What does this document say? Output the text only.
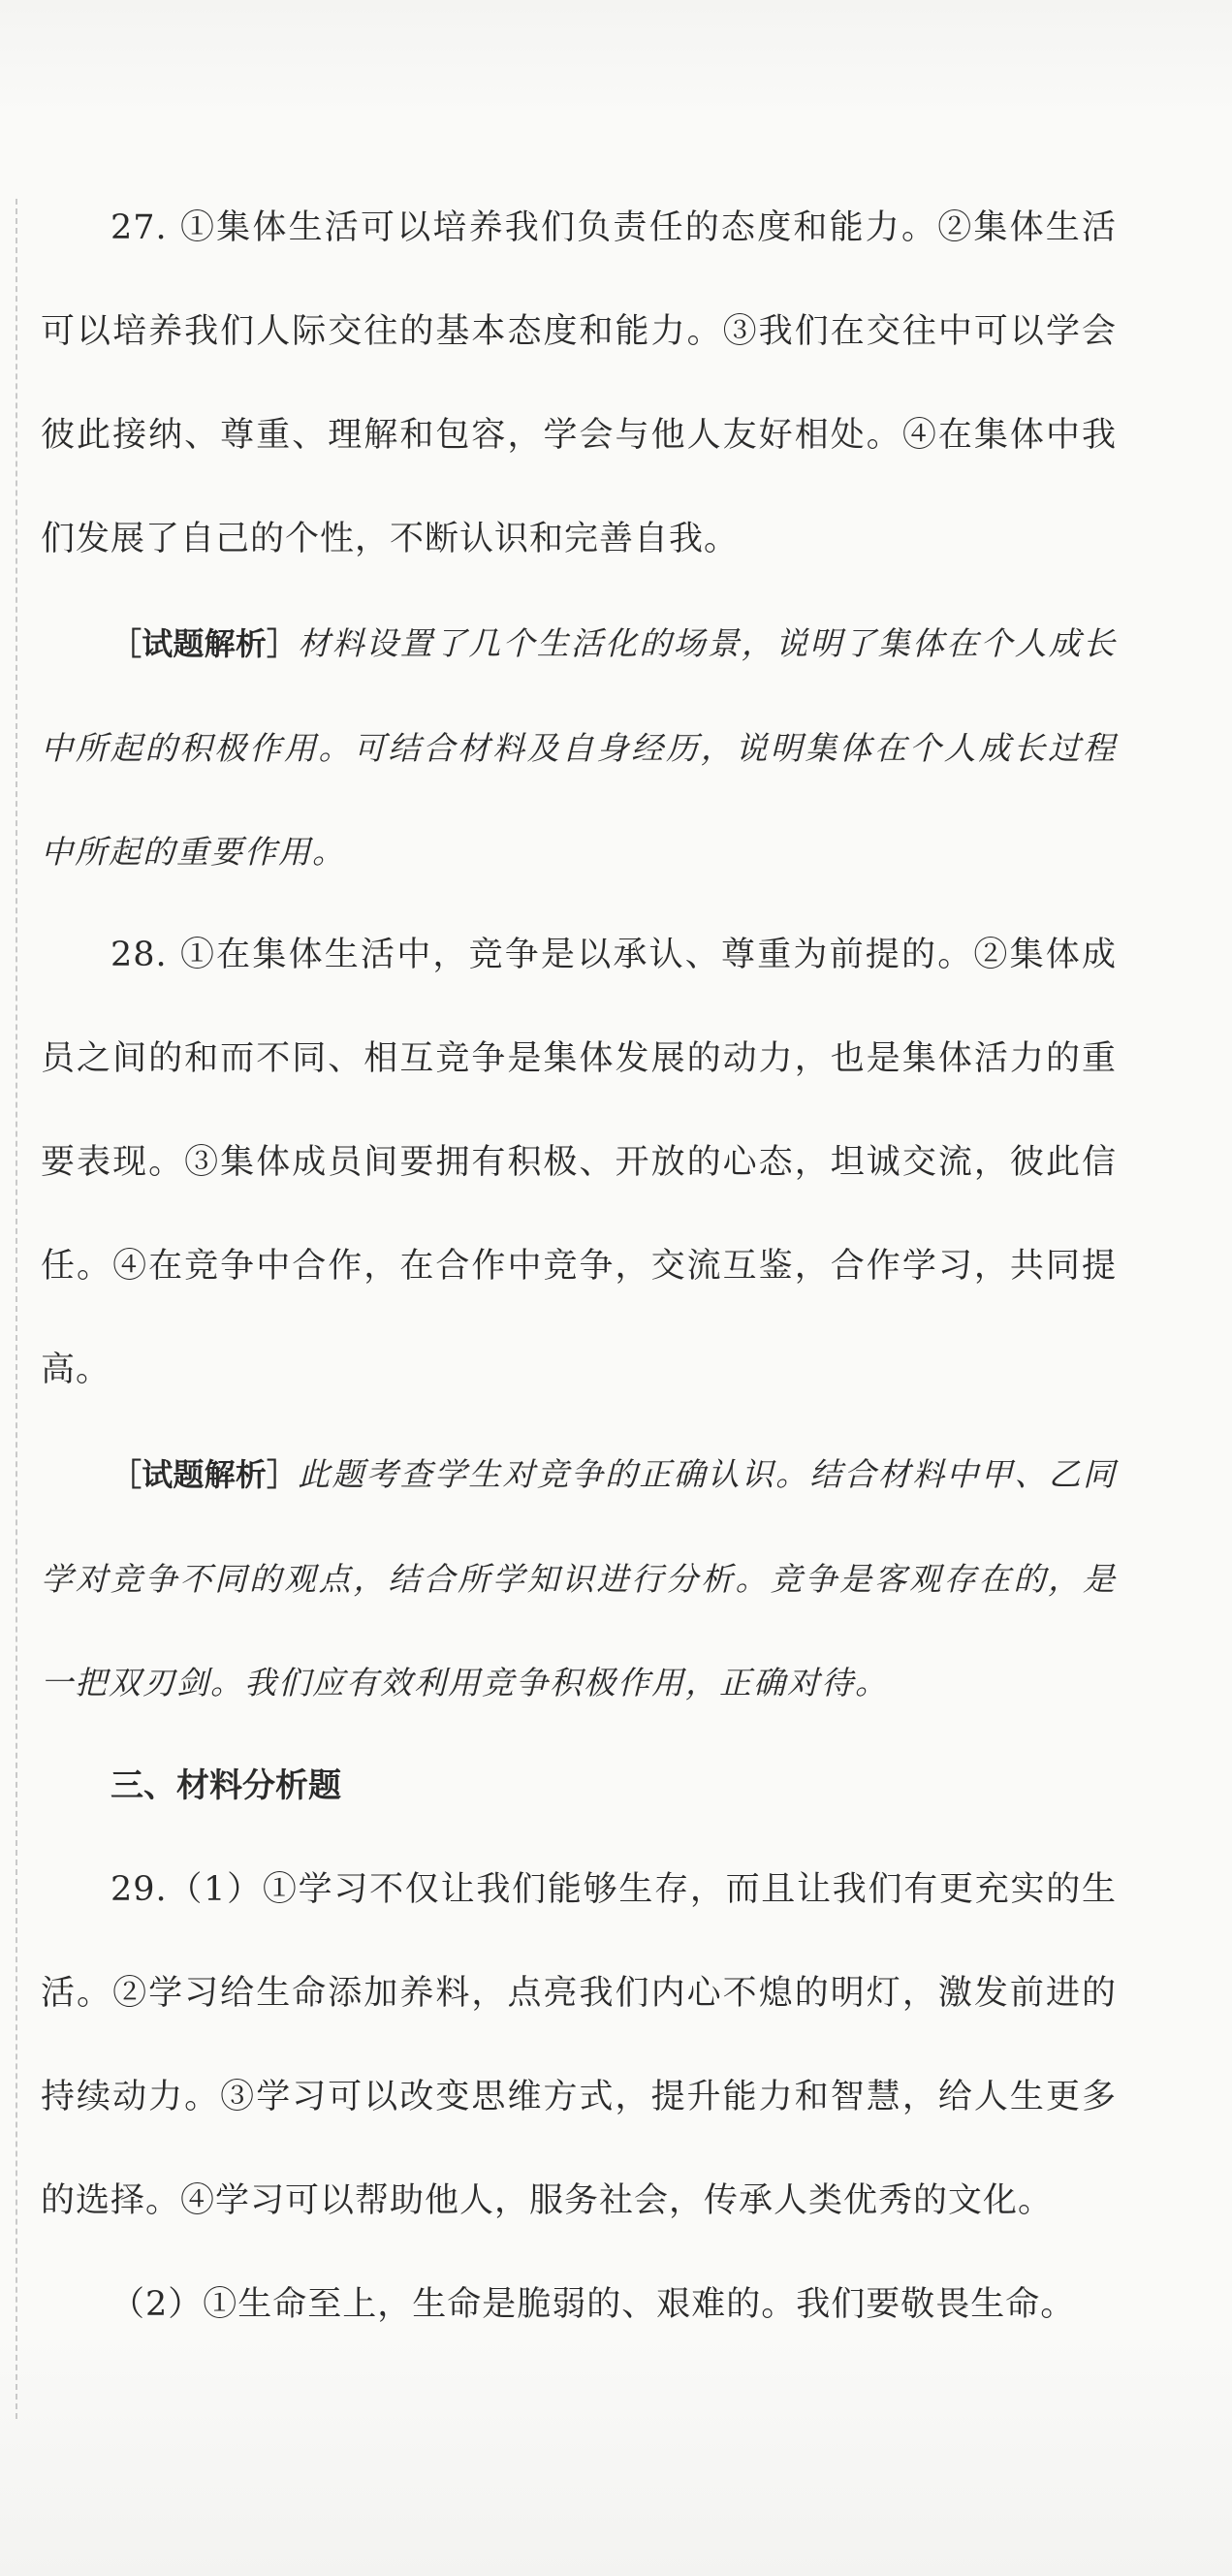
27. ①集体生活可以培养我们负责任的态度和能力。②集体生活可以培养我们人际交往的基本态度和能力。③我们在交往中可以学会彼此接纳、尊重、理解和包容，学会与他人友好相处。④在集体中我们发展了自己的个性，不断认识和完善自我。

［试题解析］材料设置了几个生活化的场景，说明了集体在个人成长中所起的积极作用。可结合材料及自身经历，说明集体在个人成长过程中所起的重要作用。

28. ①在集体生活中，竞争是以承认、尊重为前提的。②集体成员之间的和而不同、相互竞争是集体发展的动力，也是集体活力的重要表现。③集体成员间要拥有积极、开放的心态，坦诚交流，彼此信任。④在竞争中合作，在合作中竞争，交流互鉴，合作学习，共同提高。

［试题解析］此题考查学生对竞争的正确认识。结合材料中甲、乙同学对竞争不同的观点，结合所学知识进行分析。竞争是客观存在的，是一把双刃剑。我们应有效利用竞争积极作用，正确对待。

三、材料分析题

29.（1）①学习不仅让我们能够生存，而且让我们有更充实的生活。②学习给生命添加养料，点亮我们内心不熄的明灯，激发前进的持续动力。③学习可以改变思维方式，提升能力和智慧，给人生更多的选择。④学习可以帮助他人，服务社会，传承人类优秀的文化。

（2）①生命至上，生命是脆弱的、艰难的。我们要敬畏生命。
